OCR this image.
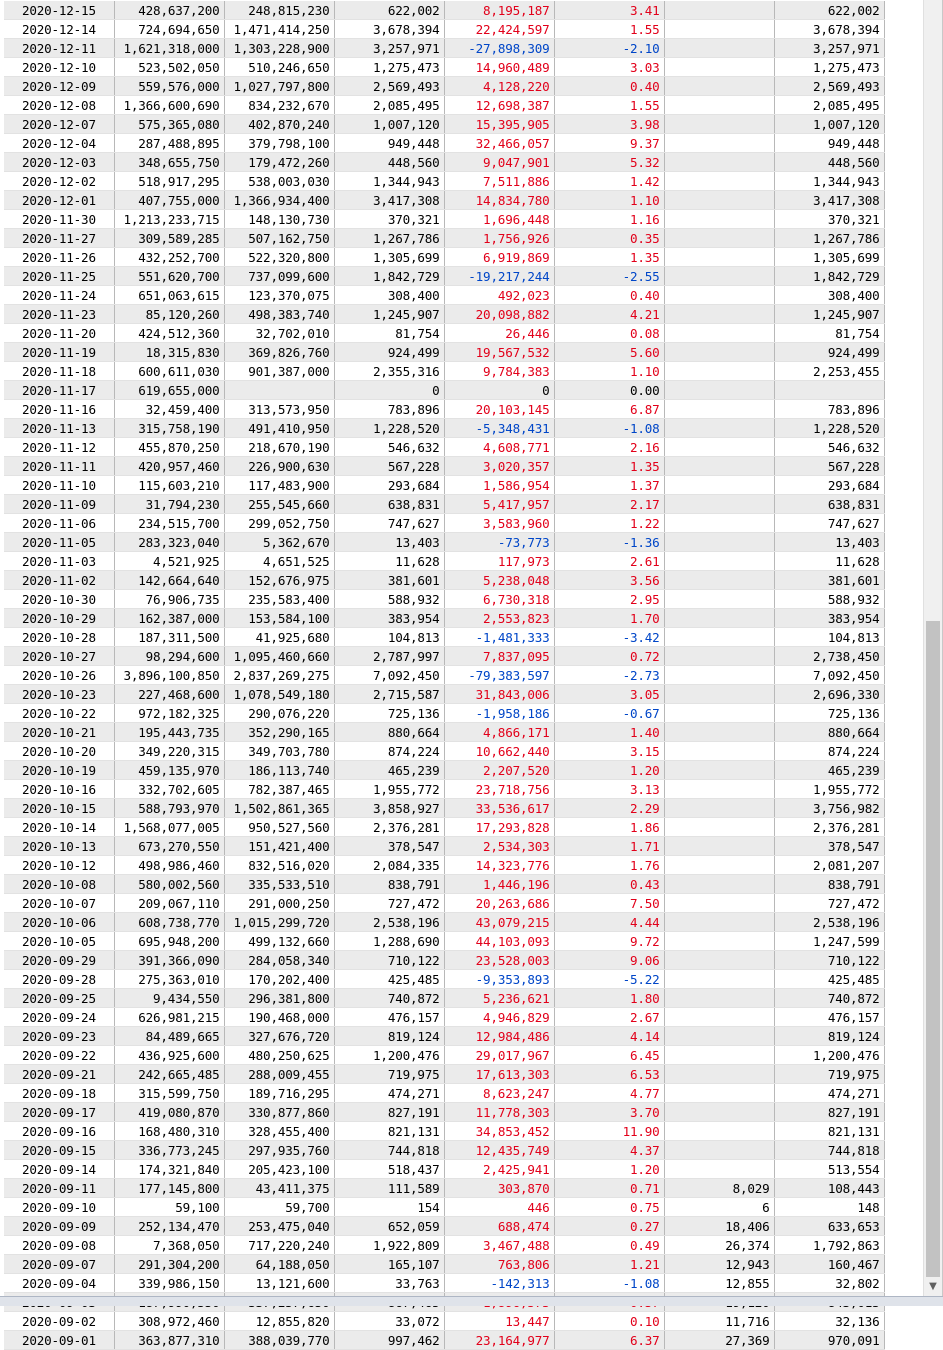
2020-12-15	428,637,200	248,815,230	622,002	8,195,187	3.41		622,002
2020-12-14	724,694,650	1,471,414,250	3,678,394	22,424,597	1.55		3,678,394
2020-12-11	1,621,318,000	1,303,228,900	3,257,971	-27,898,309	-2.10		3,257,971
2020-12-10	523,502,050	510,246,650	1,275,473	14,960,489	3.03		1,275,473
2020-12-09	559,576,000	1,027,797,800	2,569,493	4,128,220	0.40		2,569,493
2020-12-08	1,366,600,690	834,232,670	2,085,495	12,698,387	1.55		2,085,495
2020-12-07	575,365,080	402,870,240	1,007,120	15,395,905	3.98		1,007,120
2020-12-04	287,488,895	379,798,100	949,448	32,466,057	9.37		949,448
2020-12-03	348,655,750	179,472,260	448,560	9,047,901	5.32		448,560
2020-12-02	518,917,295	538,003,030	1,344,943	7,511,886	1.42		1,344,943
2020-12-01	407,755,000	1,366,934,400	3,417,308	14,834,780	1.10		3,417,308
2020-11-30	1,213,233,715	148,130,730	370,321	1,696,448	1.16		370,321
2020-11-27	309,589,285	507,162,750	1,267,786	1,756,926	0.35		1,267,786
2020-11-26	432,252,700	522,320,800	1,305,699	6,919,869	1.35		1,305,699
2020-11-25	551,620,700	737,099,600	1,842,729	-19,217,244	-2.55		1,842,729
2020-11-24	651,063,615	123,370,075	308,400	492,023	0.40		308,400
2020-11-23	85,120,260	498,383,740	1,245,907	20,098,882	4.21		1,245,907
2020-11-20	424,512,360	32,702,010	81,754	26,446	0.08		81,754
2020-11-19	18,315,830	369,826,760	924,499	19,567,532	5.60		924,499
2020-11-18	600,611,030	901,387,000	2,355,316	9,784,383	1.10		2,253,455
2020-11-17	619,655,000		0	0	0.00		
2020-11-16	32,459,400	313,573,950	783,896	20,103,145	6.87		783,896
2020-11-13	315,758,190	491,410,950	1,228,520	-5,348,431	-1.08		1,228,520
2020-11-12	455,870,250	218,670,190	546,632	4,608,771	2.16		546,632
2020-11-11	420,957,460	226,900,630	567,228	3,020,357	1.35		567,228
2020-11-10	115,603,210	117,483,900	293,684	1,586,954	1.37		293,684
2020-11-09	31,794,230	255,545,660	638,831	5,417,957	2.17		638,831
2020-11-06	234,515,700	299,052,750	747,627	3,583,960	1.22		747,627
2020-11-05	283,323,040	5,362,670	13,403	-73,773	-1.36		13,403
2020-11-03	4,521,925	4,651,525	11,628	117,973	2.61		11,628
2020-11-02	142,664,640	152,676,975	381,601	5,238,048	3.56		381,601
2020-10-30	76,906,735	235,583,400	588,932	6,730,318	2.95		588,932
2020-10-29	162,387,000	153,584,100	383,954	2,553,823	1.70		383,954
2020-10-28	187,311,500	41,925,680	104,813	-1,481,333	-3.42		104,813
2020-10-27	98,294,600	1,095,460,660	2,787,997	7,837,095	0.72		2,738,450
2020-10-26	3,896,100,850	2,837,269,275	7,092,450	-79,383,597	-2.73		7,092,450
2020-10-23	227,468,600	1,078,549,180	2,715,587	31,843,006	3.05		2,696,330
2020-10-22	972,182,325	290,076,220	725,136	-1,958,186	-0.67		725,136
2020-10-21	195,443,735	352,290,165	880,664	4,866,171	1.40		880,664
2020-10-20	349,220,315	349,703,780	874,224	10,662,440	3.15		874,224
2020-10-19	459,135,970	186,113,740	465,239	2,207,520	1.20		465,239
2020-10-16	332,702,605	782,387,465	1,955,772	23,718,756	3.13		1,955,772
2020-10-15	588,793,970	1,502,861,365	3,858,927	33,536,617	2.29		3,756,982
2020-10-14	1,568,077,005	950,527,560	2,376,281	17,293,828	1.86		2,376,281
2020-10-13	673,270,550	151,421,400	378,547	2,534,303	1.71		378,547
2020-10-12	498,986,460	832,516,020	2,084,335	14,323,776	1.76		2,081,207
2020-10-08	580,002,560	335,533,510	838,791	1,446,196	0.43		838,791
2020-10-07	209,067,110	291,000,250	727,472	20,263,686	7.50		727,472
2020-10-06	608,738,770	1,015,299,720	2,538,196	43,079,215	4.44		2,538,196
2020-10-05	695,948,200	499,132,660	1,288,690	44,103,093	9.72		1,247,599
2020-09-29	391,366,090	284,058,340	710,122	23,528,003	9.06		710,122
2020-09-28	275,363,010	170,202,400	425,485	-9,353,893	-5.22		425,485
2020-09-25	9,434,550	296,381,800	740,872	5,236,621	1.80		740,872
2020-09-24	626,981,215	190,468,000	476,157	4,946,829	2.67		476,157
2020-09-23	84,489,665	327,676,720	819,124	12,984,486	4.14		819,124
2020-09-22	436,925,600	480,250,625	1,200,476	29,017,967	6.45		1,200,476
2020-09-21	242,665,485	288,009,455	719,975	17,613,303	6.53		719,975
2020-09-18	315,599,750	189,716,295	474,271	8,623,247	4.77		474,271
2020-09-17	419,080,870	330,877,860	827,191	11,778,303	3.70		827,191
2020-09-16	168,480,310	328,455,400	821,131	34,853,452	11.90		821,131
2020-09-15	336,773,245	297,935,760	744,818	12,435,749	4.37		744,818
2020-09-14	174,321,840	205,423,100	518,437	2,425,941	1.20		513,554
2020-09-11	177,145,800	43,411,375	111,589	303,870	0.71	8,029	108,443
2020-09-10	59,100	59,700	154	446	0.75	6	148
2020-09-09	252,134,470	253,475,040	652,059	688,474	0.27	18,406	633,653
2020-09-08	7,368,050	717,220,240	1,922,809	3,467,488	0.49	26,374	1,792,863
2020-09-07	291,304,200	64,188,050	165,107	763,806	1.21	12,943	160,467
2020-09-04	339,986,150	13,121,600	33,763	-142,313	-1.08	12,855	32,802

2020-09-02	308,972,460	12,855,820	33,072	13,447	0.10	11,716	32,136
2020-09-01	363,877,310	388,039,770	997,462	23,164,977	6.37	27,369	970,091
▼
